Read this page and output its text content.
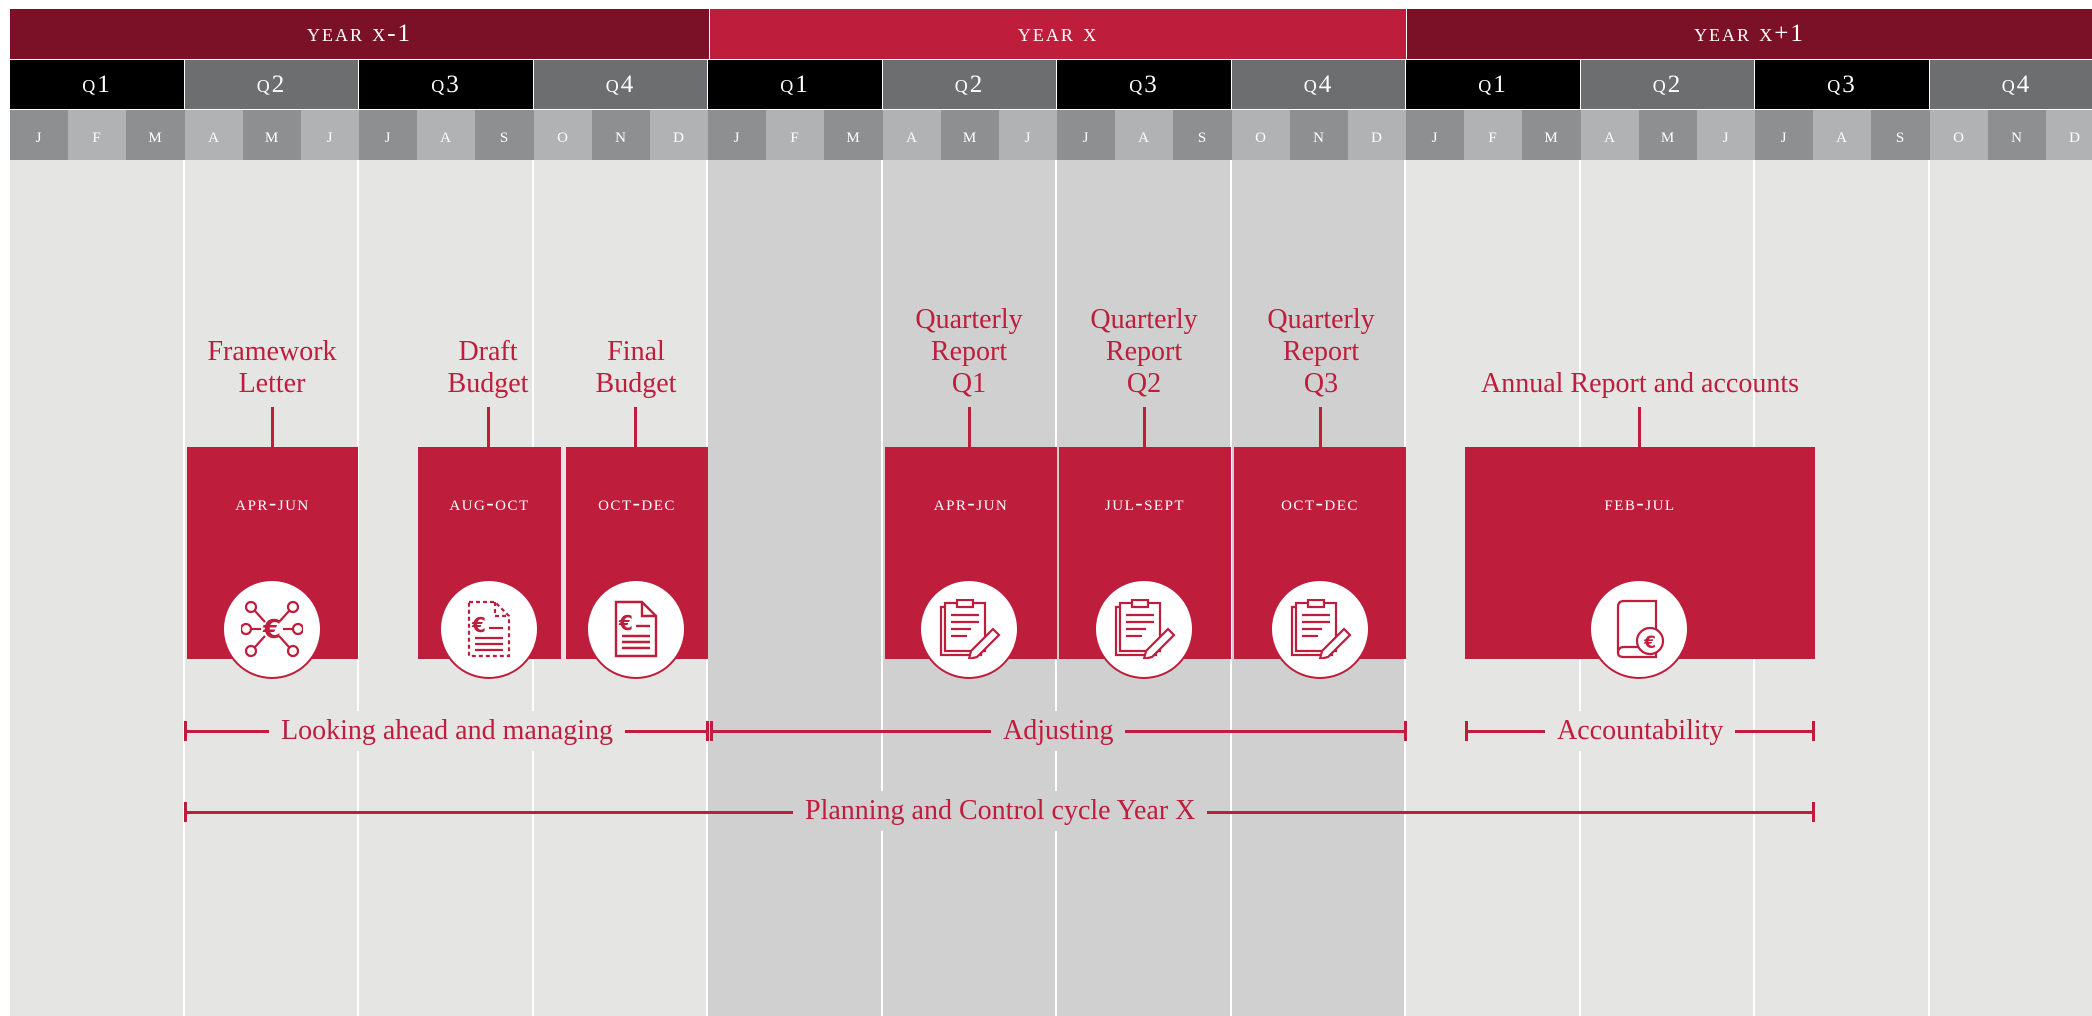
year x-1	year x	year x+1
q1	q2	q3	q4	q1	q2	q3	q4	q1	q2	q3	q4
j	f	m	a	m	j	j	a	s	o	n	d	j	f	m	a	m	j	j	a	s	o	n	d	j	f	m	a	m	j	j	a	s	o	n	d
Framework
Letter
apr-jun
Draft
Budget
aug-oct
Final
Budget
oct-dec
Quarterly
Report
Q1
apr-jun
Quarterly
Report
Q2
jul-sept
Quarterly
Report
Q3
oct-dec
Annual Report and accounts
feb-jul
€	€	€
€
Looking ahead and managing	Adjusting	Accountability
Planning and Control cycle Year X
